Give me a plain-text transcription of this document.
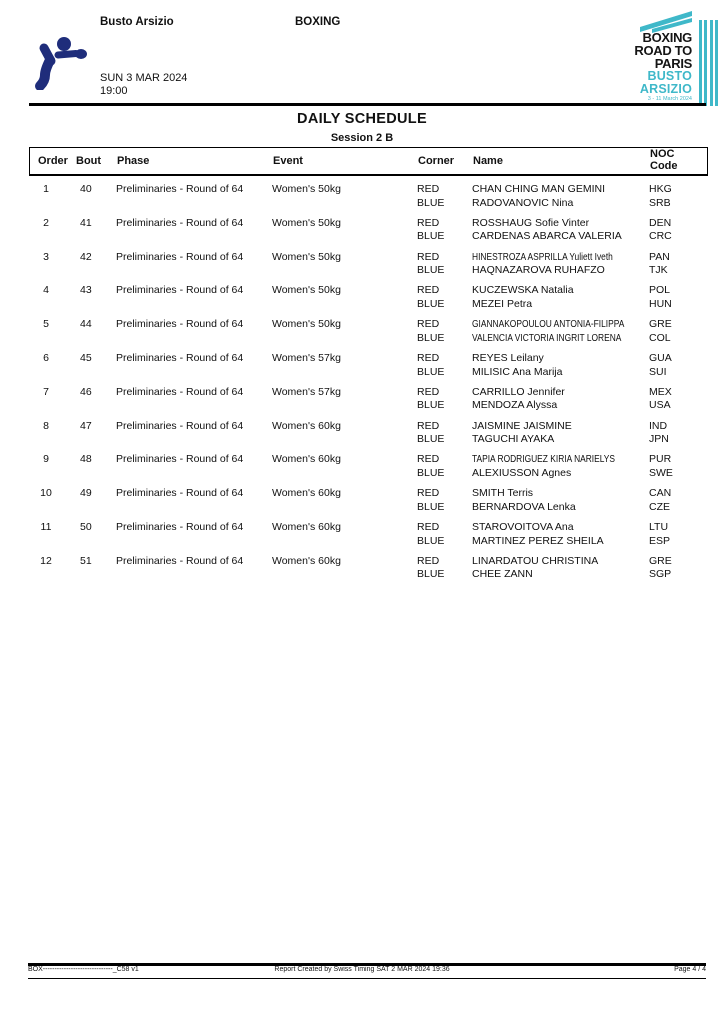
Busto Arsizio	BOXING
SUN 3 MAR 2024
19:00
BOXING
ROAD TO
PARIS
BUSTO
ARSIZIO
3 - 11 March 2024
DAILY SCHEDULE
Session 2 B
Order Bout Phase	Event	Corner Name
NOC
Code
1	40 Preliminaries - Round of 64	Women's 50kg	RED	CHAN CHING MAN GEMINI	HKG
BLUE	RADOVANOVIC Nina	SRB
2	41 Preliminaries - Round of 64	Women's 50kg	RED	ROSSHAUG Sofie Vinter	DEN
BLUE	CARDENAS ABARCA VALERIA	CRC
3	42 Preliminaries - Round of 64	Women's 50kg	RED	HINESTROZA ASPRILLA Yuliett Iveth	PAN
BLUE	HAQNAZAROVA RUHAFZO	TJK
4	43 Preliminaries - Round of 64	Women's 50kg	RED	KUCZEWSKA Natalia	POL
BLUE	MEZEI Petra	HUN
5	44 Preliminaries - Round of 64	Women's 50kg	RED	GIANNAKOPOULOU ANTONIA-FILIPPA GRE
BLUE	VALENCIA VICTORIA INGRIT LORENA	COL
6	45 Preliminaries - Round of 64	Women's 57kg	RED	REYES Leilany	GUA
BLUE	MILISIC Ana Marija	SUI
7	46 Preliminaries - Round of 64	Women's 57kg	RED	CARRILLO Jennifer	MEX
BLUE	MENDOZA Alyssa	USA
8	47 Preliminaries - Round of 64	Women's 60kg	RED	JAISMINE JAISMINE	IND
BLUE	TAGUCHI AYAKA	JPN
9	48 Preliminaries - Round of 64	Women's 60kg	RED	TAPIA RODRIGUEZ KIRIA NARIELYS	PUR
BLUE	ALEXIUSSON Agnes	SWE
10	49 Preliminaries - Round of 64	Women's 60kg	RED	SMITH Terris	CAN
BLUE	BERNARDOVA Lenka	CZE
11	50 Preliminaries - Round of 64	Women's 60kg	RED	STAROVOITOVA Ana	LTU
BLUE	MARTINEZ PEREZ SHEILA	ESP
12	51 Preliminaries - Round of 64	Women's 60kg	RED	LINARDATOU CHRISTINA	GRE
BLUE	CHEE ZANN	SGP
BOX------------------------------_C58 v1	Report Created by Swiss Timing SAT 2 MAR 2024 19:36	Page 4 / 4
